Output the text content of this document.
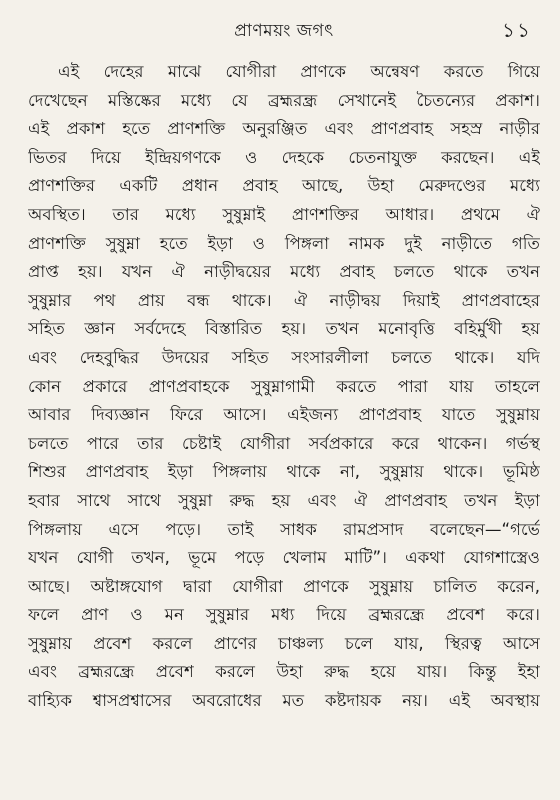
প্রাণময়ং জগৎ	১১
এই দেহের মাঝে যোগীরা প্রাণকে অন্বেষণ করতে গিয়ে
দেখেছেন মস্তিষ্কের মধ্যে যে ব্রহ্মরন্ধ্র সেখানেই চৈতন্যের প্রকাশ।
এই প্রকাশ হতে প্রাণশক্তি অনুরঞ্জিত এবং প্রাণপ্রবাহ সহস্র নাড়ীর
ভিতর দিয়ে ইন্দ্রিয়গণকে ও দেহকে চেতনাযুক্ত করছেন। এই
প্রাণশক্তির একটি প্রধান প্রবাহ আছে, উহা মেরুদণ্ডের মধ্যে
অবস্থিত। তার মধ্যে সুষুম্নাই প্রাণশক্তির আধার। প্রথমে ঐ
প্রাণশক্তি সুষুম্না হতে ইড়া ও পিঙ্গলা নামক দুই নাড়ীতে গতি
প্রাপ্ত হয়। যখন ঐ নাড়ীদ্বয়ের মধ্যে প্রবাহ চলতে থাকে তখন
সুষুম্নার পথ প্রায় বন্ধ থাকে। ঐ নাড়ীদ্বয় দিয়াই প্রাণপ্রবাহের
সহিত জ্ঞান সর্বদেহে বিস্তারিত হয়। তখন মনোবৃত্তি বহির্মুখী হয়
এবং দেহবুদ্ধির উদয়ের সহিত সংসারলীলা চলতে থাকে। যদি
কোন প্রকারে প্রাণপ্রবাহকে সুষুম্নাগামী করতে পারা যায় তাহলে
আবার দিব্যজ্ঞান ফিরে আসে। এইজন্য প্রাণপ্রবাহ যাতে সুষুম্নায়
চলতে পারে তার চেষ্টাই যোগীরা সর্বপ্রকারে করে থাকেন। গর্ভস্থ
শিশুর প্রাণপ্রবাহ ইড়া পিঙ্গলায় থাকে না, সুষুম্নায় থাকে। ভূমিষ্ঠ
হবার সাথে সাথে সুষুম্না রুদ্ধ হয় এবং ঐ প্রাণপ্রবাহ তখন ইড়া
পিঙ্গলায় এসে পড়ে। তাই সাধক রামপ্রসাদ বলেছেন—“গর্ভে
যখন যোগী তখন, ভূমে পড়ে খেলাম মাটি”। একথা যোগশাস্ত্রেও
আছে। অষ্টাঙ্গযোগ দ্বারা যোগীরা প্রাণকে সুষুম্নায় চালিত করেন,
ফলে প্রাণ ও মন সুষুম্নার মধ্য দিয়ে ব্রহ্মরন্ধ্রে প্রবেশ করে।
সুষুম্নায় প্রবেশ করলে প্রাণের চাঞ্চল্য চলে যায়, স্থিরত্ব আসে
এবং ব্রহ্মরন্ধ্রে প্রবেশ করলে উহা রুদ্ধ হয়ে যায়। কিন্তু ইহা
বাহ্যিক শ্বাসপ্রশ্বাসের অবরোধের মত কষ্টদায়ক নয়। এই অবস্থায়
